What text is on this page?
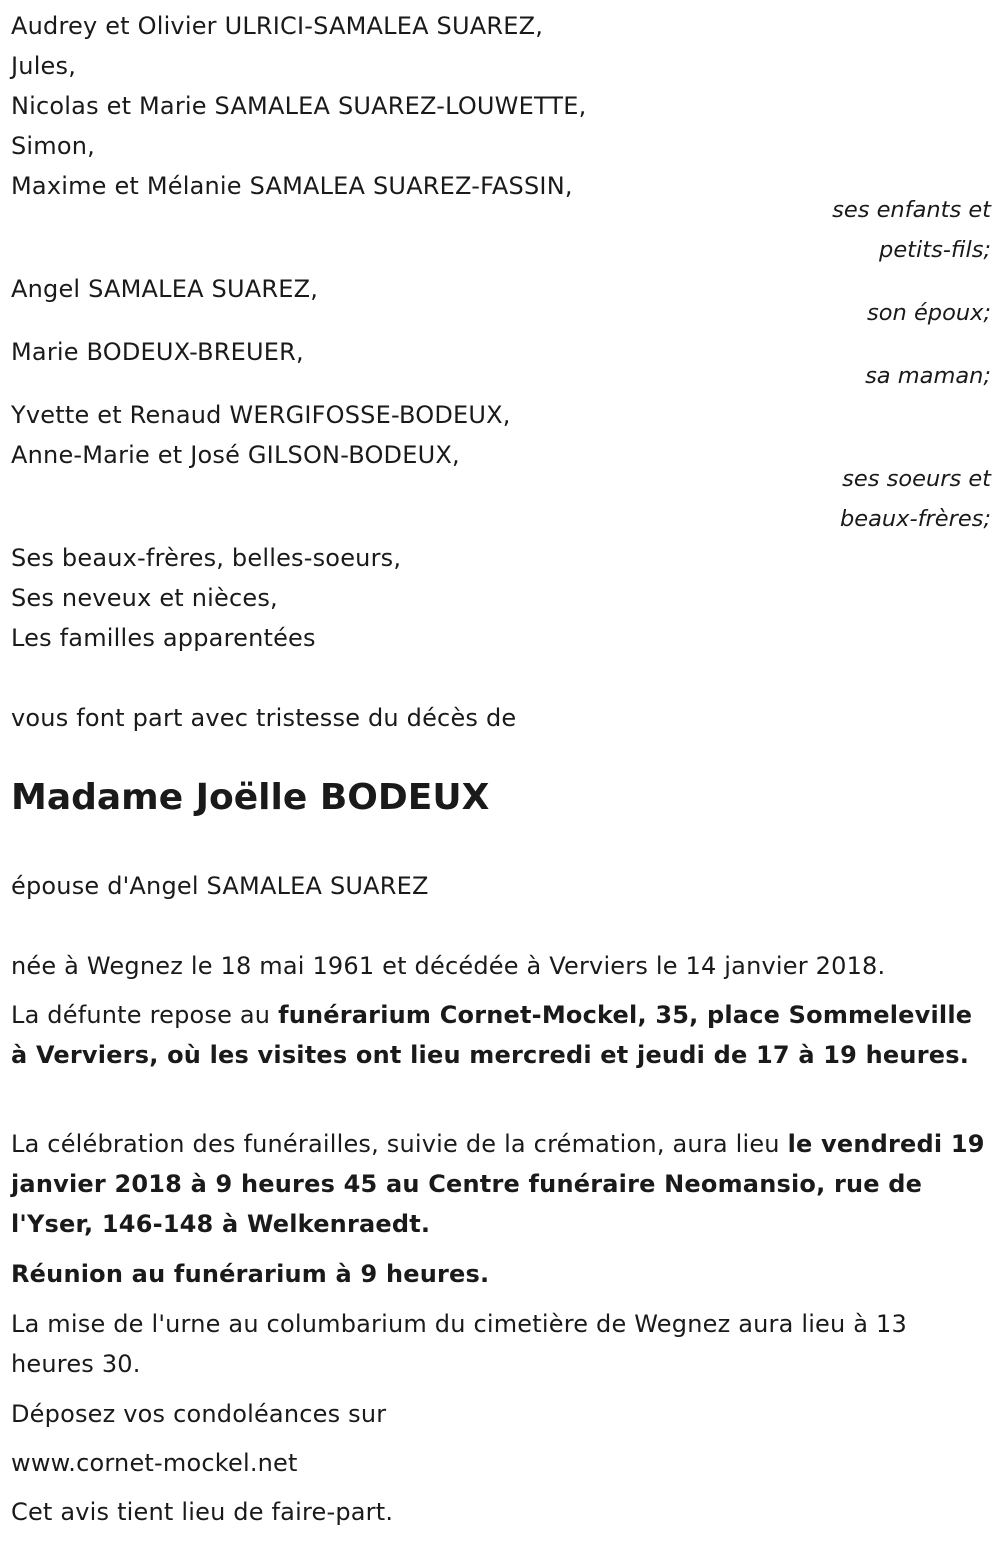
Audrey et Olivier ULRICI-SAMALEA SUAREZ,
Jules,
Nicolas et Marie SAMALEA SUAREZ-LOUWETTE,
Simon,
Maxime et Mélanie SAMALEA SUAREZ-FASSIN,
ses enfants et
petits-fils;
Angel SAMALEA SUAREZ,
son époux;
Marie BODEUX-BREUER,
sa maman;
Yvette et Renaud WERGIFOSSE-BODEUX,
Anne-Marie et José GILSON-BODEUX,
ses soeurs et
beaux-frères;
Ses beaux-frères, belles-soeurs,
Ses neveux et nièces,
Les familles apparentées
vous font part avec tristesse du décès de
Madame Joëlle BODEUX
épouse d'Angel SAMALEA SUAREZ
née à Wegnez le 18 mai 1961 et décédée à Verviers le 14 janvier 2018.
La défunte repose au funérarium Cornet-Mockel, 35, place Sommeleville à Verviers, où les visites ont lieu mercredi et jeudi de 17 à 19 heures.
La célébration des funérailles, suivie de la crémation, aura lieu le vendredi 19 janvier 2018 à 9 heures 45 au Centre funéraire Neomansio, rue de l'Yser, 146-148 à Welkenraedt.
Réunion au funérarium à 9 heures.
La mise de l'urne au columbarium du cimetière de Wegnez aura lieu à 13 heures 30.
Déposez vos condoléances sur
www.cornet-mockel.net
Cet avis tient lieu de faire-part.
